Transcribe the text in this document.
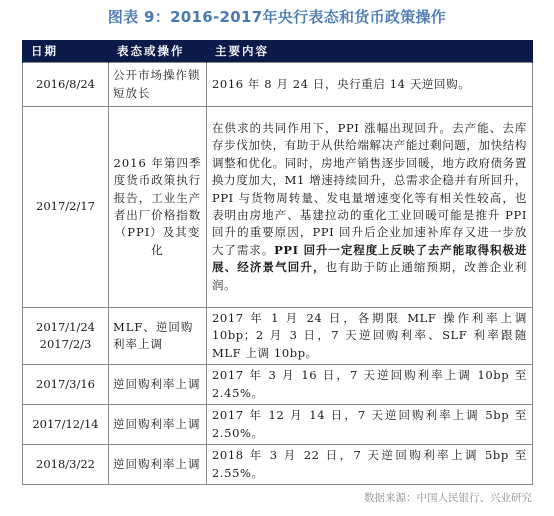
图表 9：2016-2017年央行表态和货币政策操作
日期	表态或操作	主要内容

2016/8/24	公开市场操作锁短放长	2016 年 8 月 24 日，央行重启 14 天逆回购。

2017/2/17	2016 年第四季度货币政策执行报告，工业生产者出厂价格指数（PPI）及其变化	在供求的共同作用下，PPI 涨幅出现回升。去产能、去库存步伐加快，有助于从供给端解决产能过剩问题，加快结构调整和优化。同时，房地产销售逐步回暖，地方政府债务置换力度加大，M1 增速持续回升，总需求企稳并有所回升，PPI 与货物周转量、发电量增速变化等有相关性较高，也表明由房地产、基建拉动的重化工业回暖可能是推升 PPI 回升的重要原因，PPI 回升后企业加速补库存又进一步放大了需求。PPI 回升一定程度上反映了去产能取得积极进展、经济景气回升，也有助于防止通缩预期，改善企业利润。

2017/1/24
2017/2/3	MLF、逆回购利率上调	2017 年 1 月 24 日，各期限 MLF 操作利率上调 10bp；2 月 3 日，7 天逆回购利率、SLF 利率跟随 MLF 上调 10bp。

2017/3/16	逆回购利率上调	2017 年 3 月 16 日，7 天逆回购利率上调 10bp 至 2.45%。

2017/12/14	逆回购利率上调	2017 年 12 月 14 日，7 天逆回购利率上调 5bp 至 2.50%。

2018/3/22	逆回购利率上调	2018 年 3 月 22 日，7 天逆回购利率上调 5bp 至 2.55%。
数据来源：中国人民银行、兴业研究
